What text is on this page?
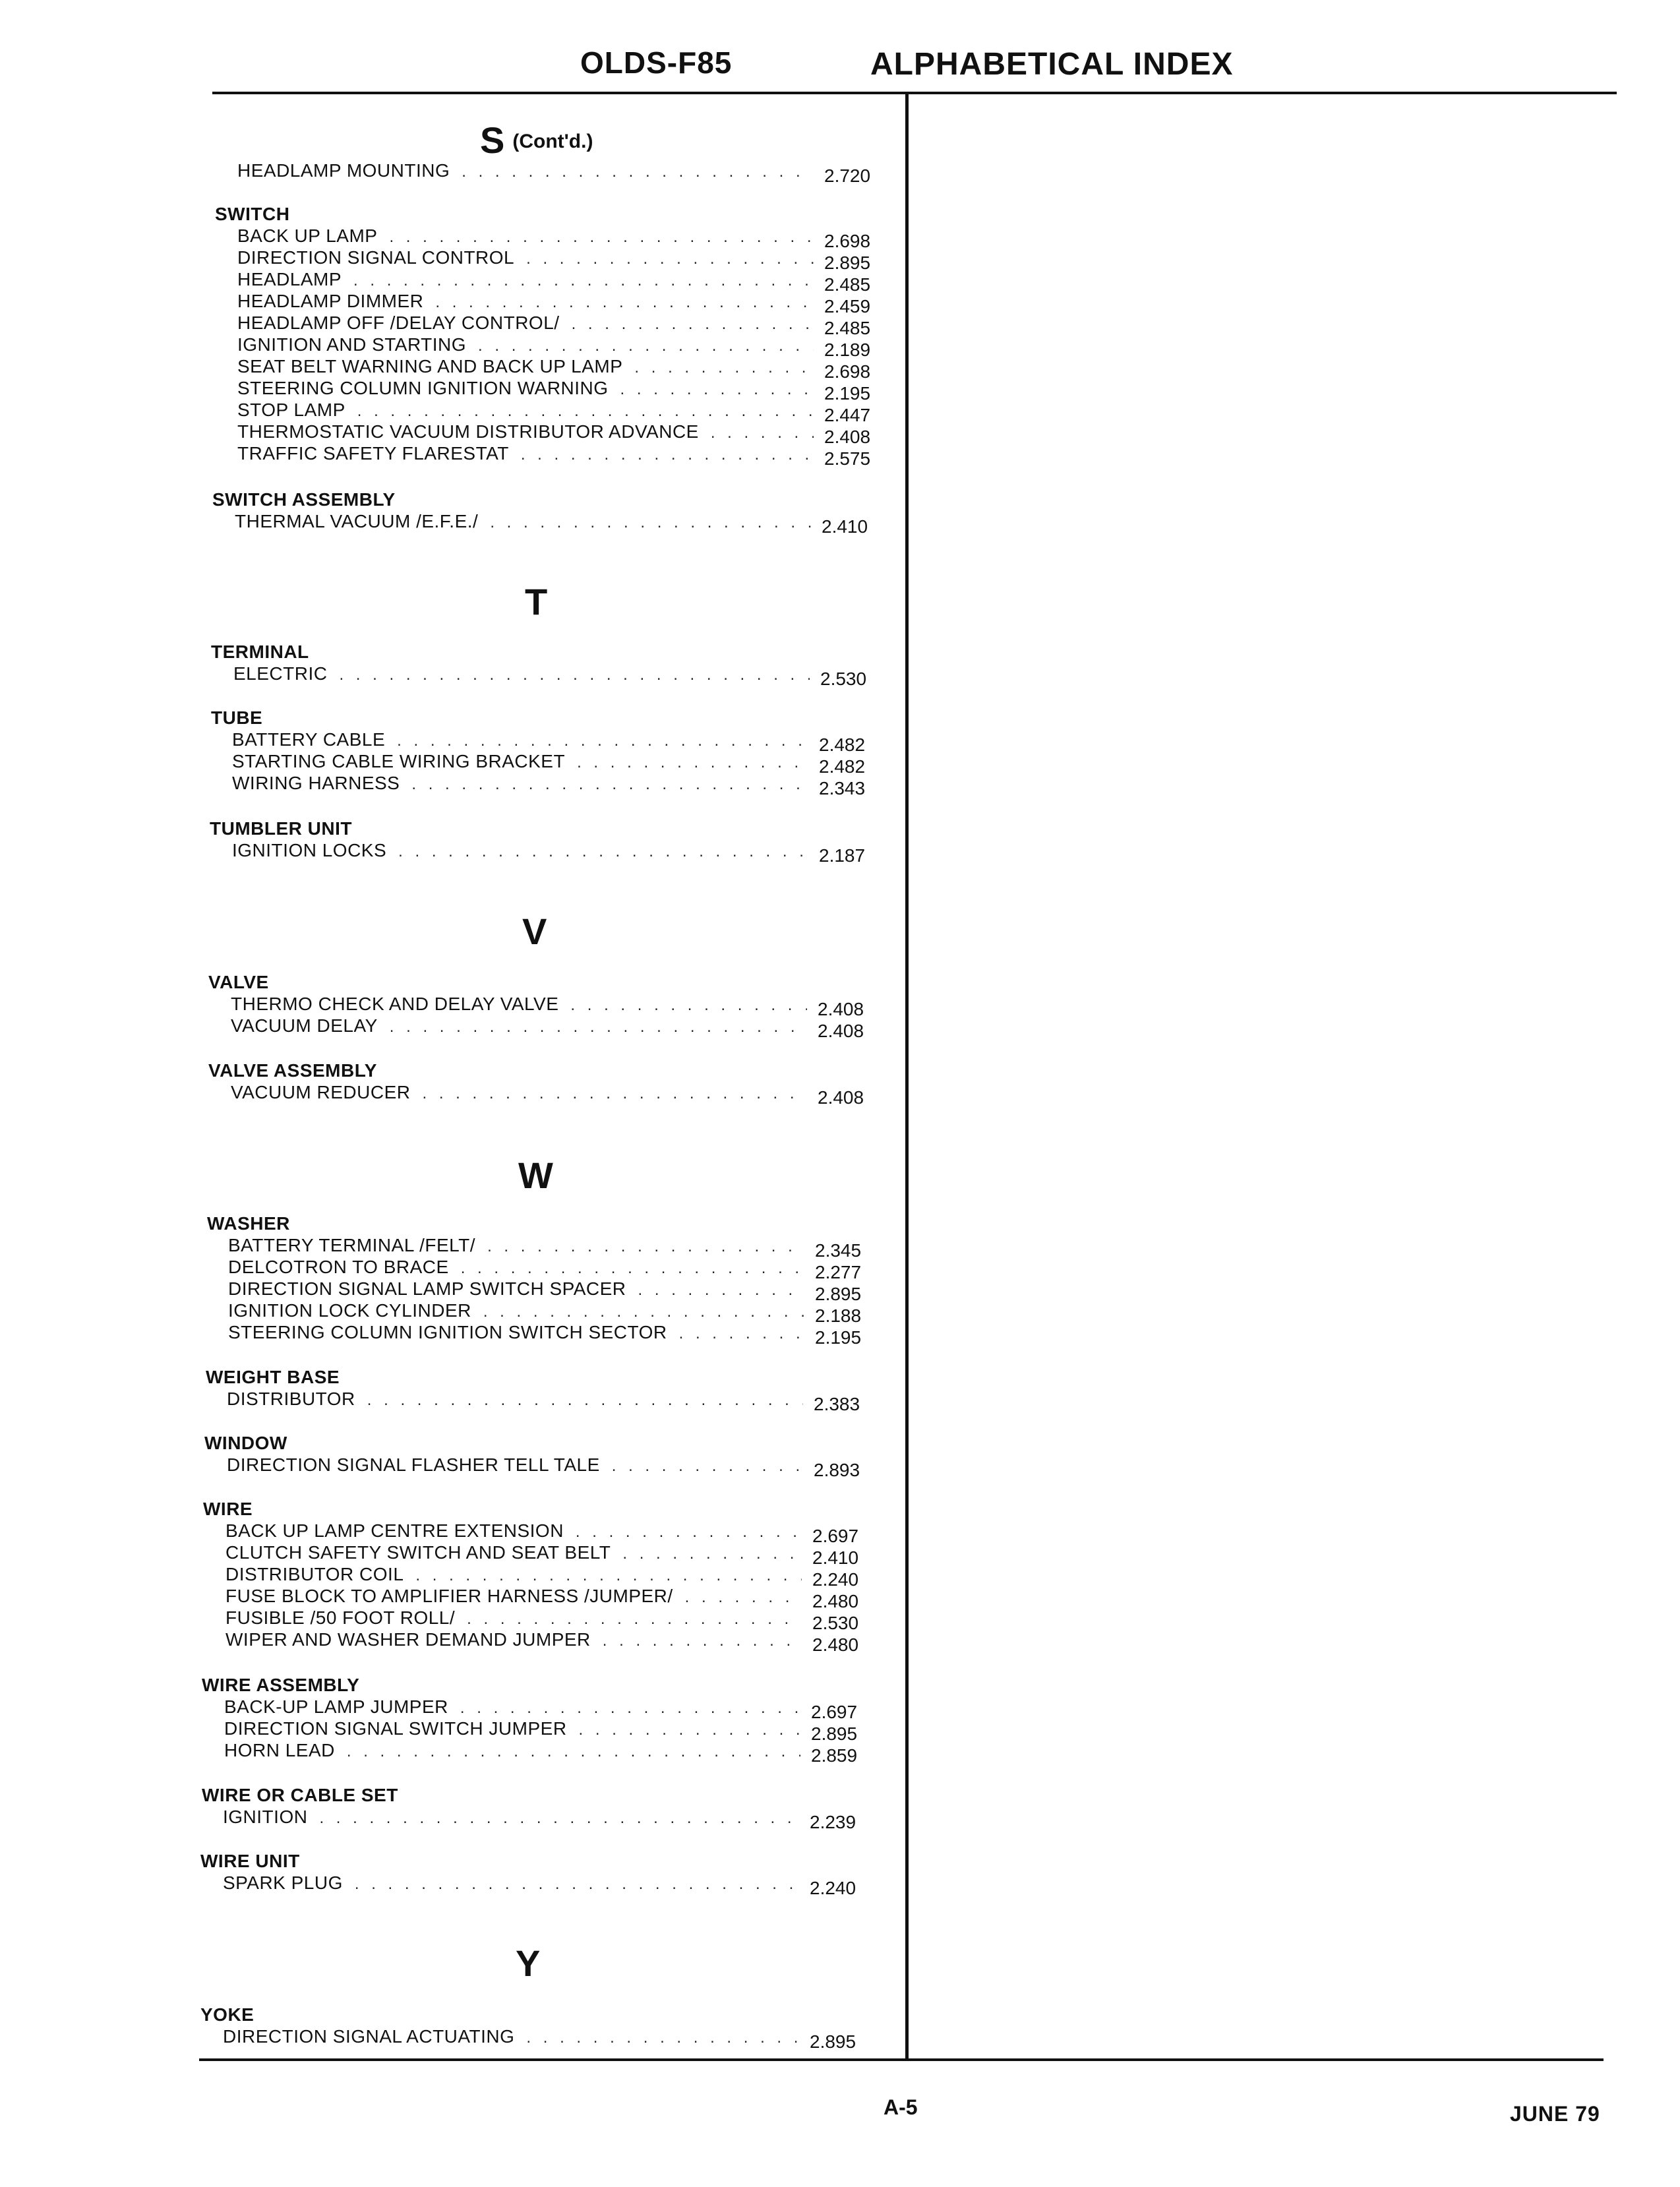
OLDS-F85	ALPHABETICAL INDEX
A-5	JUNE 79
S $^{(Cont'd.)}$
T
V
W
Y
HEADLAMP MOUNTING . . .	2.720
SWITCH
BACK UP LAMP . . .	2.698
DIRECTION SIGNAL CONTROL . . .	2.895
HEADLAMP . . .	2.485
HEADLAMP DIMMER . . .	2.459
HEADLAMP OFF /DELAY CONTROL/ . . .	2.485
IGNITION AND STARTING . . .	2.189
SEAT BELT WARNING AND BACK UP LAMP . . .	2.698
STEERING COLUMN IGNITION WARNING . . .	2.195
STOP LAMP . . .	2.447
THERMOSTATIC VACUUM DISTRIBUTOR ADVANCE . . .	2.408
TRAFFIC SAFETY FLARESTAT . . .	2.575
SWITCH ASSEMBLY
THERMAL VACUUM /E.F.E./ . . .	2.410
TERMINAL
ELECTRIC . . .	2.530
TUBE
BATTERY CABLE . . .	2.482
STARTING CABLE WIRING BRACKET . . .	2.482
WIRING HARNESS . . .	2.343
TUMBLER UNIT
IGNITION LOCKS . . .	2.187
VALVE
THERMO CHECK AND DELAY VALVE . . .	2.408
VACUUM DELAY . . .	2.408
VALVE ASSEMBLY
VACUUM REDUCER . . .	2.408
WASHER
BATTERY TERMINAL /FELT/ . . .	2.345
DELCOTRON TO BRACE . . .	2.277
DIRECTION SIGNAL LAMP SWITCH SPACER . . .	2.895
IGNITION LOCK CYLINDER . . .	2.188
STEERING COLUMN IGNITION SWITCH SECTOR . . .	2.195
WEIGHT BASE
DISTRIBUTOR . . .	2.383
WINDOW
DIRECTION SIGNAL FLASHER TELL TALE . . .	2.893
WIRE
BACK UP LAMP CENTRE EXTENSION . . .	2.697
CLUTCH SAFETY SWITCH AND SEAT BELT . . .	2.410
DISTRIBUTOR COIL . . .	2.240
FUSE BLOCK TO AMPLIFIER HARNESS /JUMPER/ . . .	2.480
FUSIBLE /50 FOOT ROLL/ . . .	2.530
WIPER AND WASHER DEMAND JUMPER . . .	2.480
WIRE ASSEMBLY
BACK-UP LAMP JUMPER . . .	2.697
DIRECTION SIGNAL SWITCH JUMPER . . .	2.895
HORN LEAD . . .	2.859
WIRE OR CABLE SET
IGNITION . . .	2.239
WIRE UNIT
SPARK PLUG . . .	2.240
YOKE
DIRECTION SIGNAL ACTUATING . . .	2.895
